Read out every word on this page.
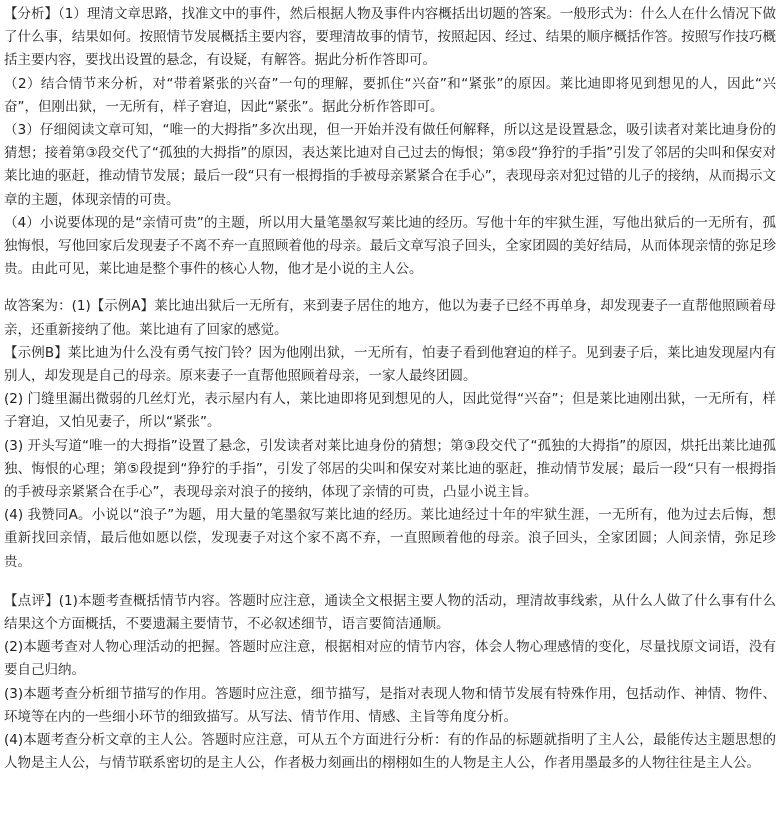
【分析】（1）理清文章思路，找准文中的事件，然后根据人物及事件内容概括出切题的答案。一般形式为：什么人在什么情况下做了什么事，结果如何。按照情节发展概括主要内容，要理清故事的情节，按照起因、经过、结果的顺序概括作答。按照写作技巧概括主要内容，要找出设置的悬念，有设疑，有解答。据此分析作答即可。

（2）结合情节来分析，对“带着紧张的兴奋”一句的理解，要抓住“兴奋”和“紧张”的原因。莱比迪即将见到想见的人，因此“兴奋”，但刚出狱，一无所有，样子窘迫，因此“紧张”。据此分析作答即可。

（3）仔细阅读文章可知，“唯一的大拇指”多次出现，但一开始并没有做任何解释，所以这是设置悬念，吸引读者对莱比迪身份的猜想；接着第③段交代了“孤独的大拇指”的原因，表达莱比迪对自己过去的悔恨；第⑤段“狰狞的手指”引发了邻居的尖叫和保安对莱比迪的驱赶，推动情节发展；最后一段“只有一根拇指的手被母亲紧紧合在手心”，表现母亲对犯过错的儿子的接纳，从而揭示文章的主题，体现亲情的可贵。

（4）小说要体现的是“亲情可贵”的主题，所以用大量笔墨叙写莱比迪的经历。写他十年的牢狱生涯，写他出狱后的一无所有，孤独悔恨，写他回家后发现妻子不离不弃一直照顾着他的母亲。最后文章写浪子回头，全家团圆的美好结局，从而体现亲情的弥足珍贵。由此可见，莱比迪是整个事件的核心人物，他才是小说的主人公。

故答案为：(1)【示例A】莱比迪出狱后一无所有，来到妻子居住的地方，他以为妻子已经不再单身，却发现妻子一直帮他照顾着母亲，还重新接纳了他。莱比迪有了回家的感觉。

【示例B】莱比迪为什么没有勇气按门铃？因为他刚出狱，一无所有，怕妻子看到他窘迫的样子。见到妻子后，莱比迪发现屋内有别人，却发现是自己的母亲。原来妻子一直帮他照顾着母亲，一家人最终团圆。

(2) 门缝里漏出微弱的几丝灯光，表示屋内有人，莱比迪即将见到想见的人，因此觉得“兴奋”；但是莱比迪刚出狱，一无所有，样子窘迫，又怕见妻子，所以“紧张”。

(3) 开头写道“唯一的大拇指”设置了悬念，引发读者对莱比迪身份的猜想；第③段交代了“孤独的大拇指”的原因，烘托出莱比迪孤独、悔恨的心理；第⑤段提到“狰狞的手指”，引发了邻居的尖叫和保安对莱比迪的驱赶，推动情节发展；最后一段“只有一根拇指的手被母亲紧紧合在手心”，表现母亲对浪子的接纳，体现了亲情的可贵，凸显小说主旨。

(4) 我赞同A。小说以“浪子”为题，用大量的笔墨叙写莱比迪的经历。莱比迪经过十年的牢狱生涯，一无所有，他为过去后悔，想重新找回亲情，最后他如愿以偿，发现妻子对这个家不离不弃，一直照顾着他的母亲。浪子回头，全家团圆；人间亲情，弥足珍贵。

【点评】(1)本题考查概括情节内容。答题时应注意，通读全文根据主要人物的活动，理清故事线索，从什么人做了什么事有什么结果这个方面概括，不要遗漏主要情节，不必叙述细节，语言要简洁通顺。

(2)本题考查对人物心理活动的把握。答题时应注意，根据相对应的情节内容，体会人物心理感情的变化，尽量找原文词语，没有要自己归纳。

(3)本题考查分析细节描写的作用。答题时应注意，细节描写，是指对表现人物和情节发展有特殊作用，包括动作、神情、物件、环境等在内的一些细小环节的细致描写。从写法、情节作用、情感、主旨等角度分析。

(4)本题考查分析文章的主人公。答题时应注意，可从五个方面进行分析：有的作品的标题就指明了主人公，最能传达主题思想的人物是主人公，与情节联系密切的是主人公，作者极力刻画出的栩栩如生的人物是主人公，作者用墨最多的人物往往是主人公。
